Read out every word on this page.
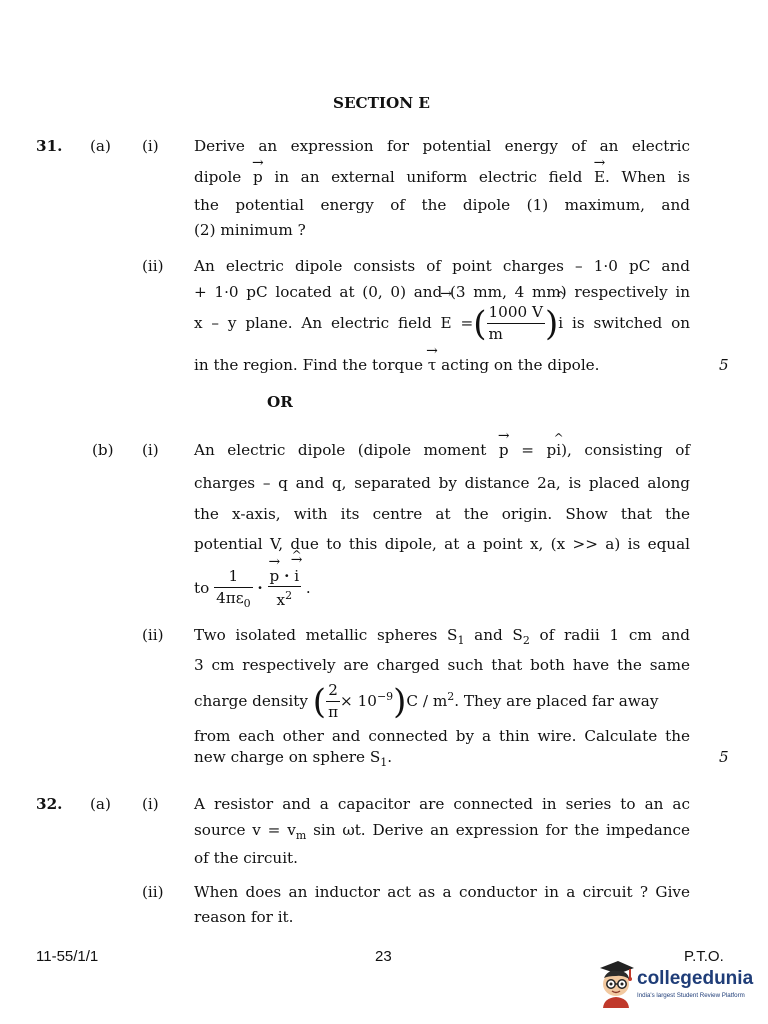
SECTION E
31. (a) (i) Derive an expression for potential energy of an electric
dipole → p in an external uniform electric field → E. When is
the potential energy of the dipole (1) maximum, and
(2) minimum ?
(ii) An electric dipole consists of point charges – 1·0 pC and
+ 1·0 pC located at (0, 0) and (3 mm, 4 mm) respectively in
x – y plane. An electric field → E =( $\frac{1000 V}{m}$ )^ i is switched on
in the region. Find the torque → τ acting on the dipole.	5
OR
(b) (i) An electric dipole (dipole moment → p = p^ i), consisting of
charges – q and q, separated by distance 2a, is placed along
the x-axis, with its centre at the origin. Show that the
potential V, due to this dipole, at a point x, (x >> a) is equal
to $\frac{1}{4\pi\varepsilon_0}$ · → $\frac{p \cdot \to i \^{}}{x^2}$ .
(ii) Two isolated metallic spheres $S_1$ and $S_2$ of radii 1 cm and
3 cm respectively are charged such that both have the same
charge density ( $\frac{2}{\pi} \times 10^{-9})C / m^2$. They are placed far away
from each other and connected by a thin wire. Calculate the
new charge on sphere $S_1$.	5
32. (a) (i) A resistor and a capacitor are connected in series to an ac
source $v = v_m$ sin ωt. Derive an expression for the impedance
of the circuit.
(ii) When does an inductor act as a conductor in a circuit ? Give
reason for it.
11-55/1/1	23	P.T.O.
collegedunia
India's largest Student Review Platform
